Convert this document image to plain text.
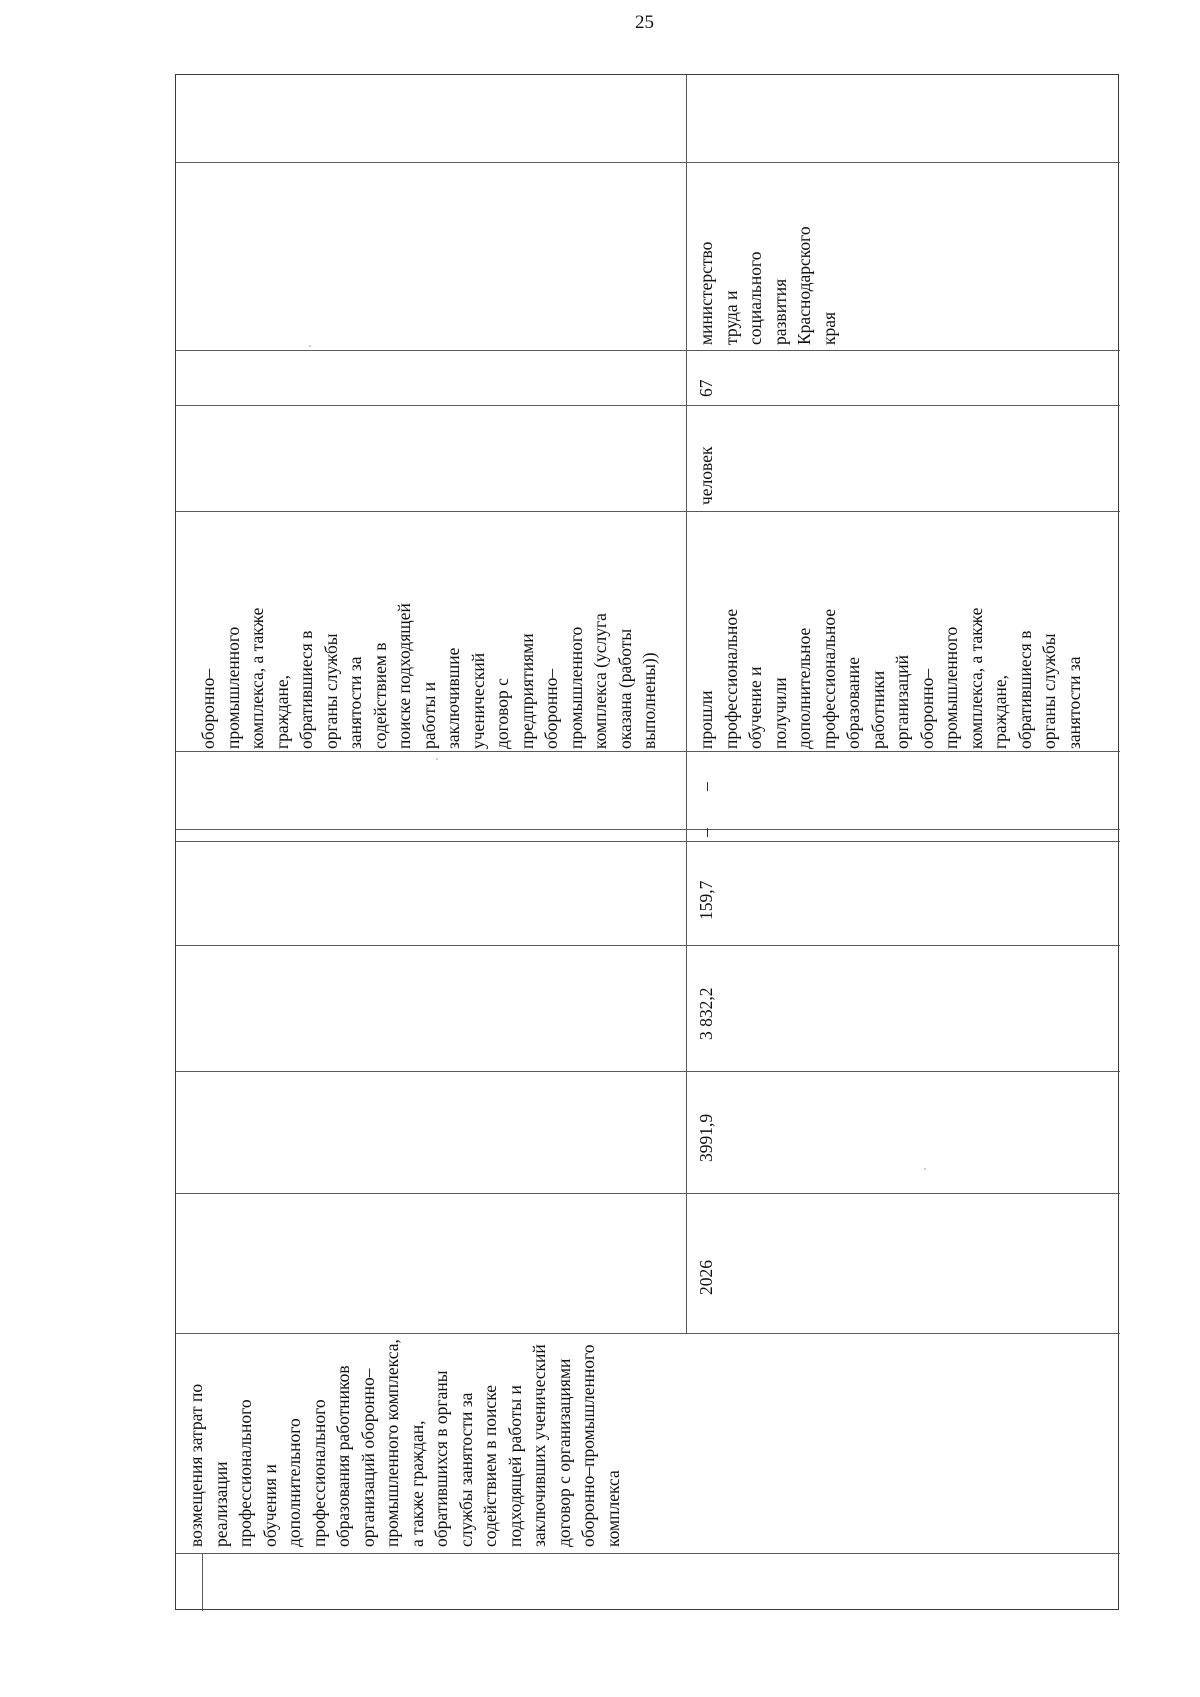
25
оборонно–
промышленного
комплекса, а также
граждане,
обратившиеся в
органы службы
занятости за
содействием в
поиске подходящей
работы и
заключившие
ученический
договор с
предприятиями
оборонно–
промышленного
комплекса (услуга
оказана (работы
выполнены))
2026
3991,9
3 832,2
159,7
–
–
прошли
профессиональное
обучение и
получили
дополнительное
профессиональное
образование
работники
организаций
оборонно–
промышленного
комплекса, а также
граждане,
обратившиеся в
органы службы
занятости за
человек
67
министерство
труда и
социального
развития
Краснодарского
края
возмещения затрат по
реализации
профессионального
обучения и
дополнительного
профессионального
образования работников
организаций оборонно–
промышленного комплекса,
а также граждан,
обратившихся в органы
службы занятости за
содействием в поиске
подходящей работы и
заключивших ученический
договор с организациями
оборонно–промышленного
комплекса
